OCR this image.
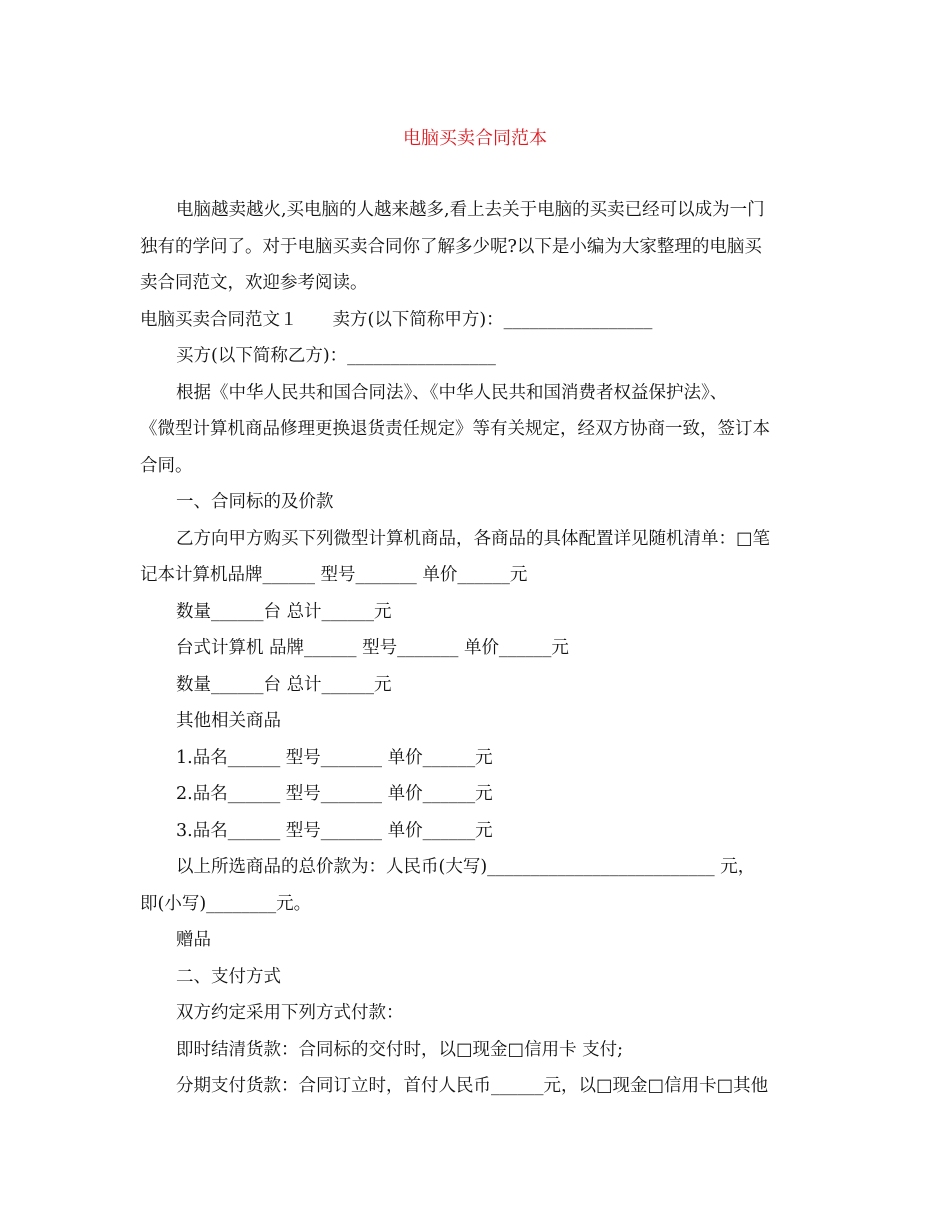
电脑买卖合同范本
电脑越卖越火,买电脑的人越来越多,看上去关于电脑的买卖已经可以成为一门
独有的学问了。对于电脑买卖合同你了解多少呢?以下是小编为大家整理的电脑买
卖合同范文，欢迎参考阅读。
电脑买卖合同范文１　　卖方(以下简称甲方)：_________________
买方(以下简称乙方)：_________________
根据《中华人民共和国合同法》、《中华人民共和国消费者权益保护法》、
《微型计算机商品修理更换退货责任规定》等有关规定，经双方协商一致，签订本
合同。
一、合同标的及价款
乙方向甲方购买下列微型计算机商品，各商品的具体配置详见随机清单：□笔
记本计算机品牌______ 型号_______ 单价______元
数量______台 总计______元
台式计算机 品牌______ 型号_______ 单价______元
数量______台 总计______元
其他相关商品
1.品名______ 型号_______ 单价______元
2.品名______ 型号_______ 单价______元
3.品名______ 型号_______ 单价______元
以上所选商品的总价款为：人民币(大写)__________________________ 元，
即(小写)________元。
赠品
二、支付方式
双方约定采用下列方式付款：
即时结清货款：合同标的交付时，以□现金□信用卡 支付;
分期支付货款：合同订立时，首付人民币______元，以□现金□信用卡□其他
